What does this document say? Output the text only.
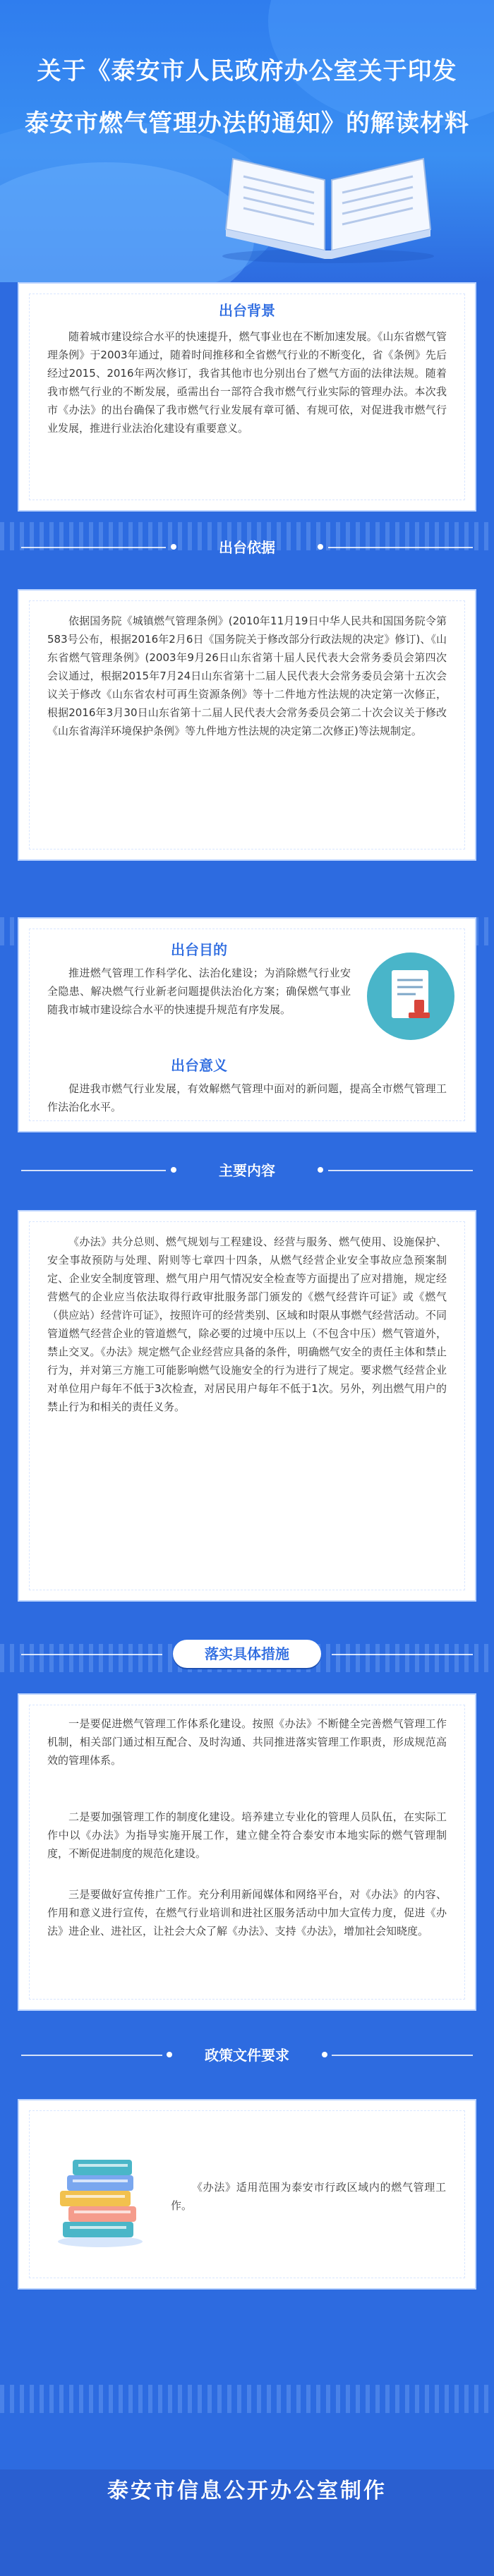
关于《泰安市人民政府办公室关于印发
泰安市燃气管理办法的通知》的解读材料
出台背景
随着城市建设综合水平的快速提升，燃气事业也在不断加速发展。《山东省燃气管理条例》于2003年通过，随着时间推移和全省燃气行业的不断变化，省《条例》先后经过2015、2016年两次修订，我省其他市也分别出台了燃气方面的法律法规。随着我市燃气行业的不断发展，亟需出台一部符合我市燃气行业实际的管理办法。本次我市《办法》的出台确保了我市燃气行业发展有章可循、有规可依，对促进我市燃气行业发展，推进行业法治化建设有重要意义。
出台依据
依据国务院《城镇燃气管理条例》(2010年11月19日中华人民共和国国务院令第583号公布，根据2016年2月6日《国务院关于修改部分行政法规的决定》修订)、《山东省燃气管理条例》(2003年9月26日山东省第十届人民代表大会常务委员会第四次会议通过，根据2015年7月24日山东省第十二届人民代表大会常务委员会第十五次会议关于修改《山东省农村可再生资源条例》等十二件地方性法规的决定第一次修正，根据2016年3月30日山东省第十二届人民代表大会常务委员会第二十次会议关于修改《山东省海洋环境保护条例》等九件地方性法规的决定第二次修正)等法规制定。
出台目的
推进燃气管理工作科学化、法治化建设；为消除燃气行业安全隐患、解决燃气行业新老问题提供法治化方案；确保燃气事业随我市城市建设综合水平的快速提升规范有序发展。
出台意义
促进我市燃气行业发展，有效解燃气管理中面对的新问题，提高全市燃气管理工作法治化水平。
主要内容
《办法》共分总则、燃气规划与工程建设、经营与服务、燃气使用、设施保护、安全事故预防与处理、附则等七章四十四条，从燃气经营企业安全事故应急预案制定、企业安全制度管理、燃气用户用气情况安全检查等方面提出了应对措施，规定经营燃气的企业应当依法取得行政审批服务部门颁发的《燃气经营许可证》或《燃气（供应站）经营许可证》，按照许可的经营类别、区域和时限从事燃气经营活动。不同管道燃气经营企业的管道燃气，除必要的过境中压以上（不包含中压）燃气管道外，禁止交叉。《办法》规定燃气企业经营应具备的条件，明确燃气安全的责任主体和禁止行为，并对第三方施工可能影响燃气设施安全的行为进行了规定。要求燃气经营企业对单位用户每年不低于3次检查，对居民用户每年不低于1次。另外，列出燃气用户的禁止行为和相关的责任义务。
落实具体措施
一是要促进燃气管理工作体系化建设。按照《办法》不断健全完善燃气管理工作机制，相关部门通过相互配合、及时沟通、共同推进落实管理工作职责，形成规范高效的管理体系。
二是要加强管理工作的制度化建设。培养建立专业化的管理人员队伍，在实际工作中以《办法》为指导实施开展工作，建立健全符合泰安市本地实际的燃气管理制度，不断促进制度的规范化建设。
三是要做好宣传推广工作。充分利用新闻媒体和网络平台，对《办法》的内容、作用和意义进行宣传，在燃气行业培训和进社区服务活动中加大宣传力度，促进《办法》进企业、进社区，让社会大众了解《办法》、支持《办法》，增加社会知晓度。
政策文件要求
《办法》适用范围为泰安市行政区域内的燃气管理工作。
泰安市信息公开办公室制作
